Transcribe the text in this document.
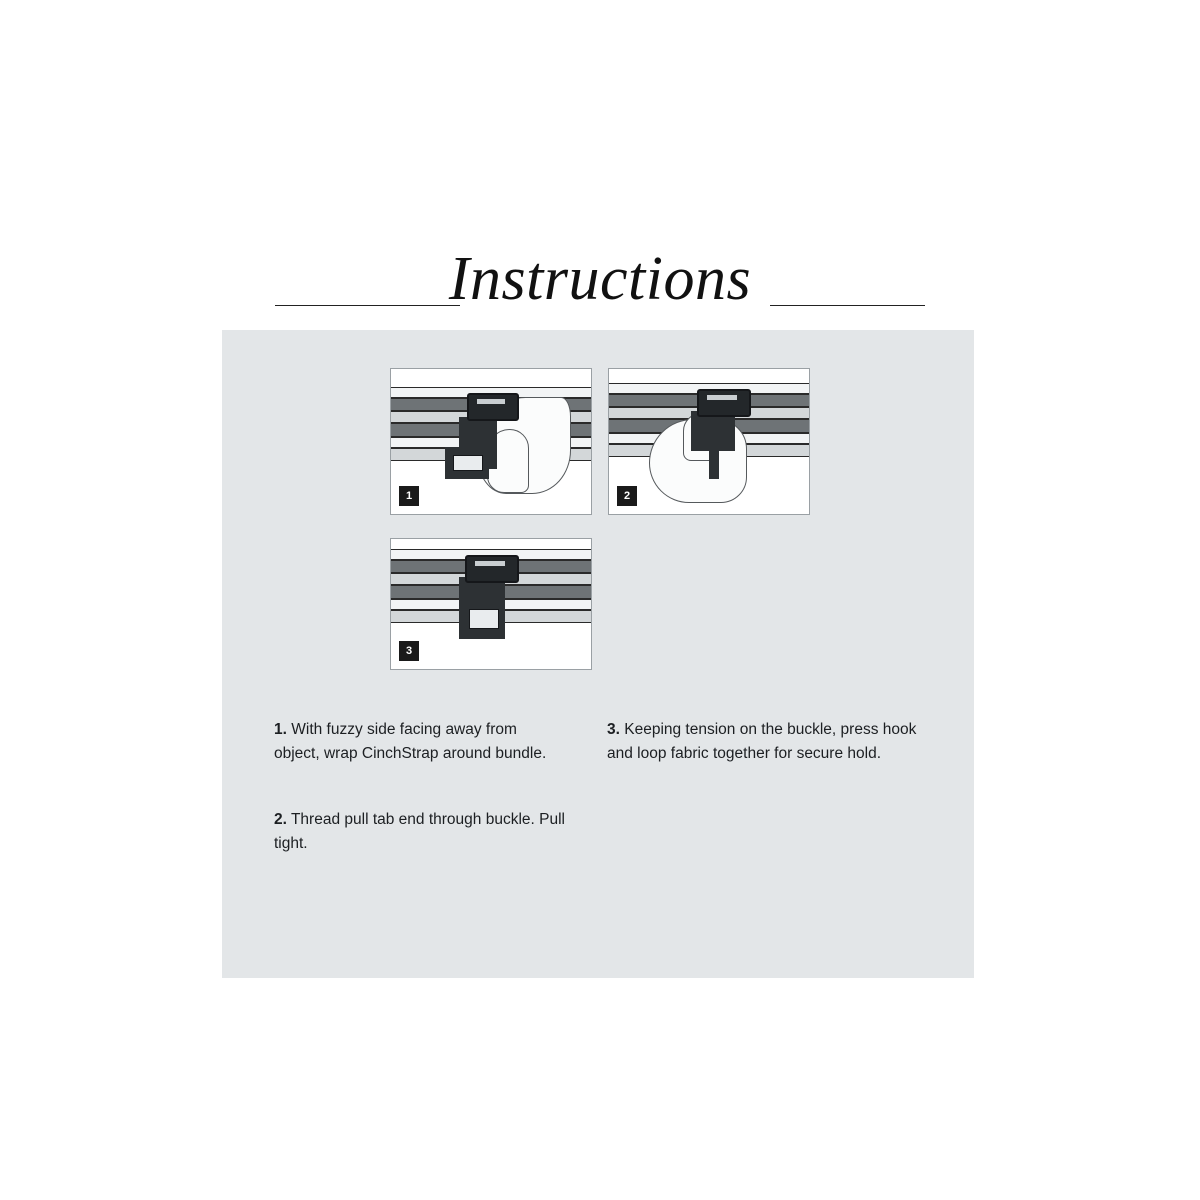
Instructions
1	2
3
1. With fuzzy side facing away from object, wrap CinchStrap around bundle.
2. Thread pull tab end through buckle. Pull tight.
3. Keeping tension on the buckle, press hook and loop fabric together for secure hold.
